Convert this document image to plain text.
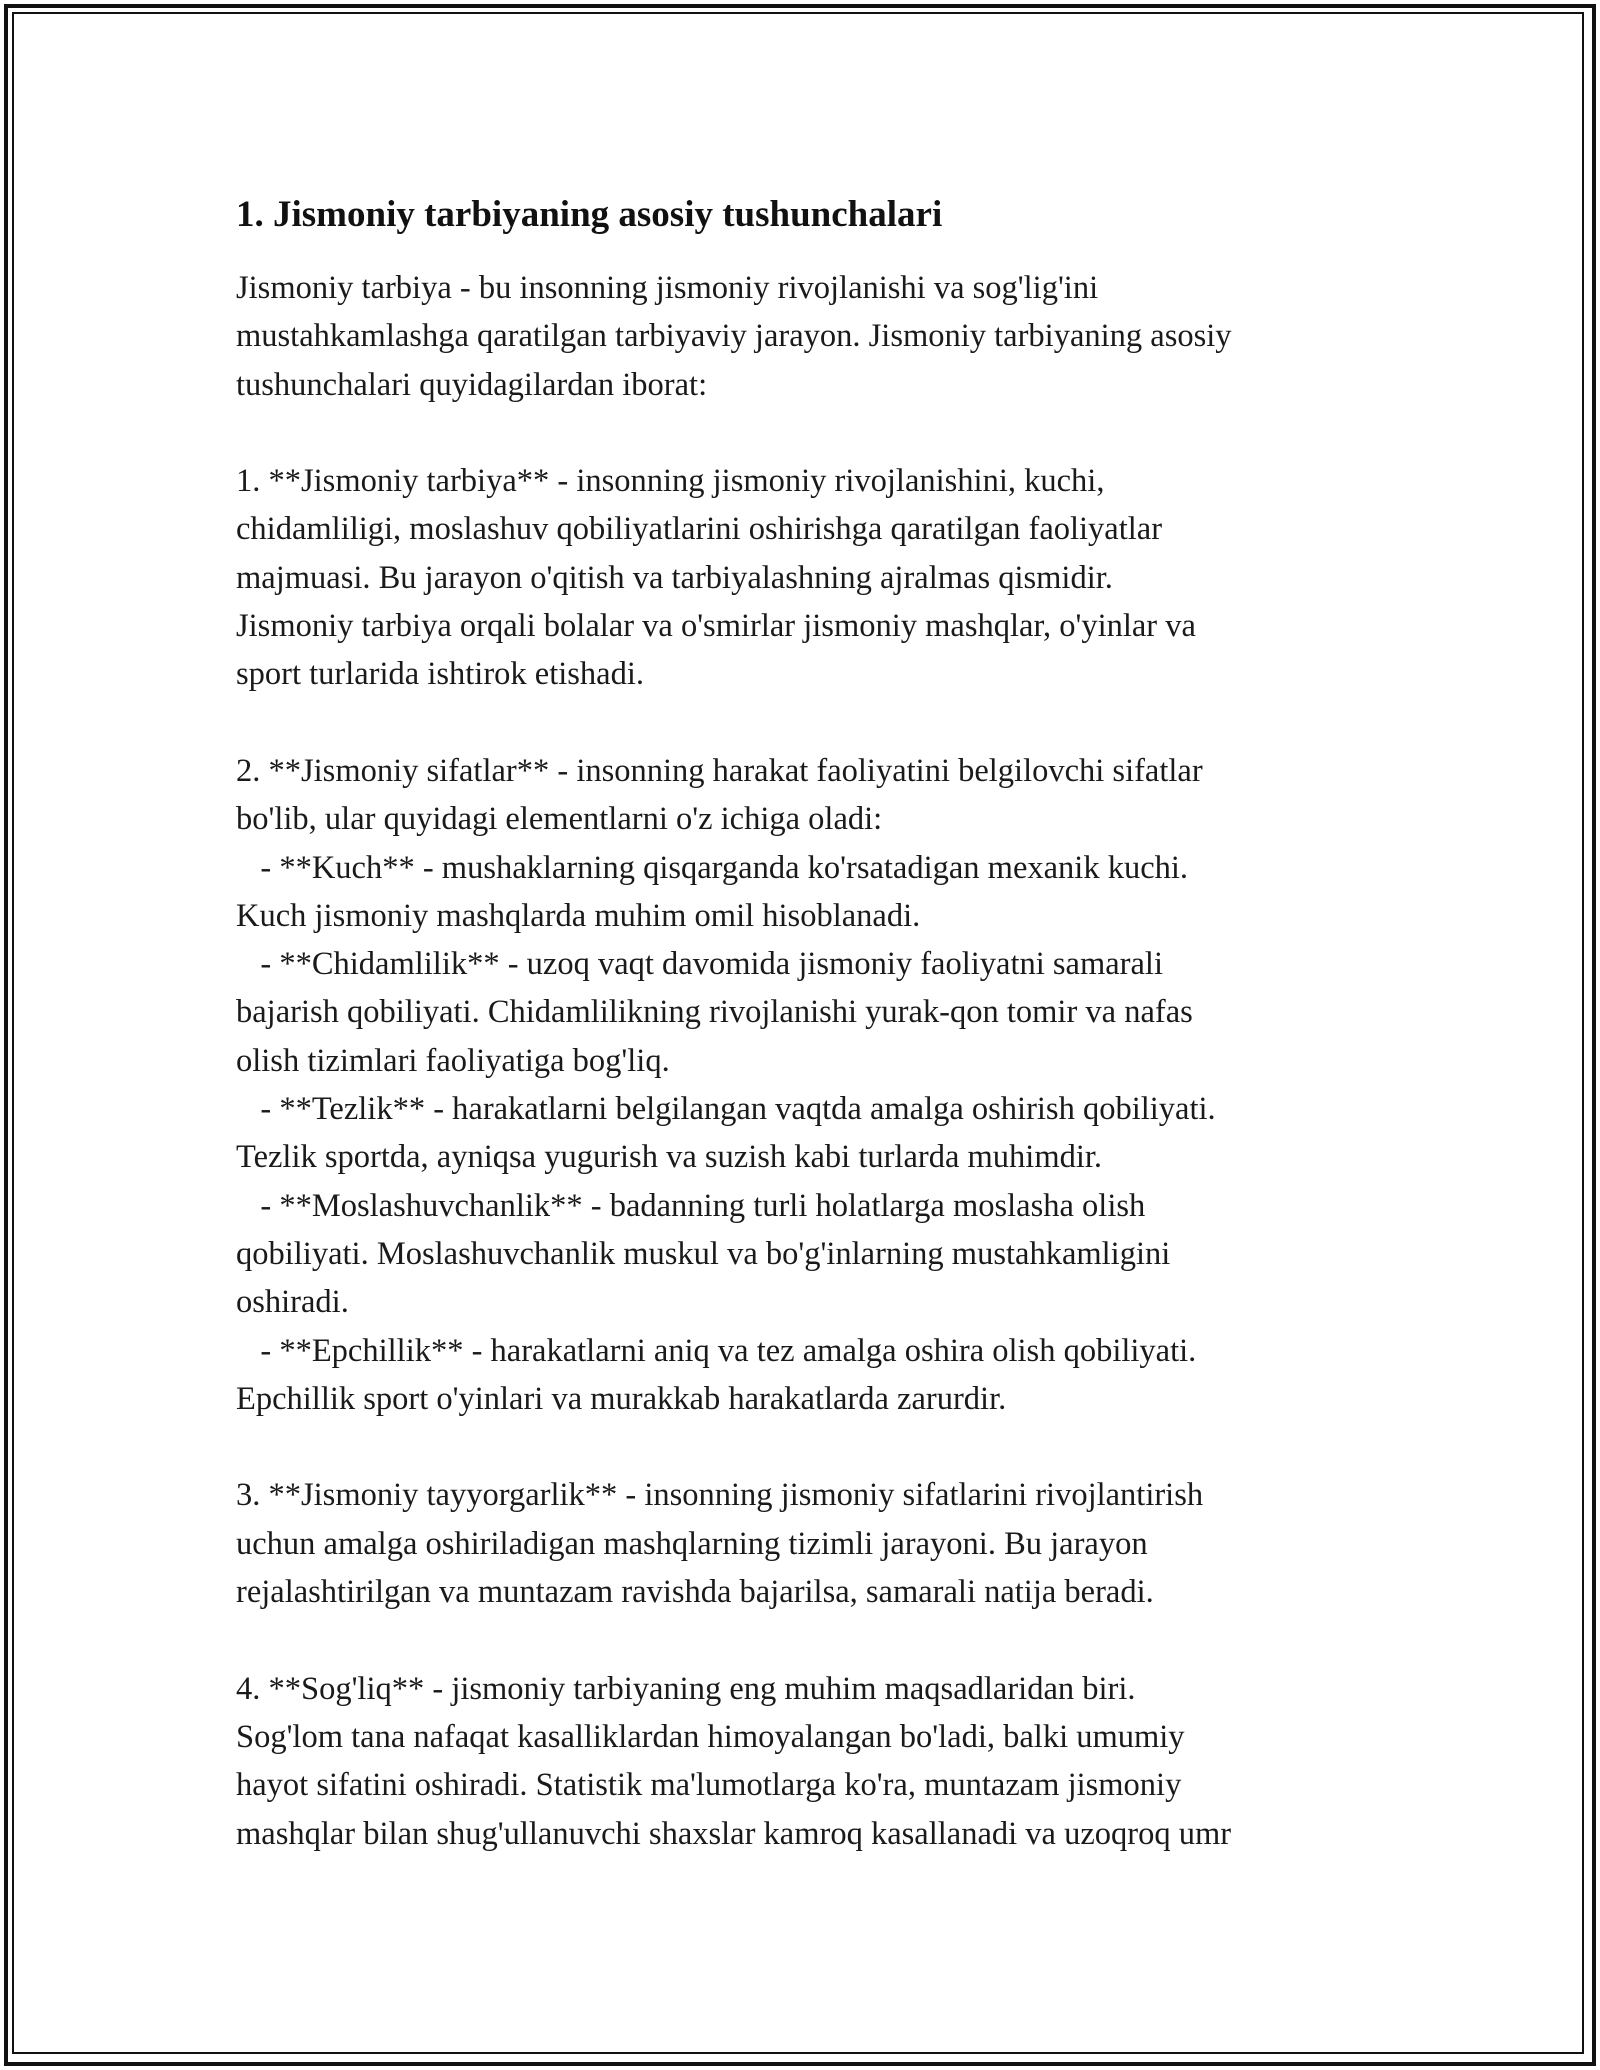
1. Jismoniy tarbiyaning asosiy tushunchalari

Jismoniy tarbiya - bu insonning jismoniy rivojlanishi va sog'lig'ini
mustahkamlashga qaratilgan tarbiyaviy jarayon. Jismoniy tarbiyaning asosiy
tushunchalari quyidagilardan iborat:

1. **Jismoniy tarbiya** - insonning jismoniy rivojlanishini, kuchi,
chidamliligi, moslashuv qobiliyatlarini oshirishga qaratilgan faoliyatlar
majmuasi. Bu jarayon o'qitish va tarbiyalashning ajralmas qismidir.
Jismoniy tarbiya orqali bolalar va o'smirlar jismoniy mashqlar, o'yinlar va
sport turlarida ishtirok etishadi.

2. **Jismoniy sifatlar** - insonning harakat faoliyatini belgilovchi sifatlar
bo'lib, ular quyidagi elementlarni o'z ichiga oladi:
- **Kuch** - mushaklarning qisqarganda ko'rsatadigan mexanik kuchi.
Kuch jismoniy mashqlarda muhim omil hisoblanadi.
- **Chidamlilik** - uzoq vaqt davomida jismoniy faoliyatni samarali
bajarish qobiliyati. Chidamlilikning rivojlanishi yurak-qon tomir va nafas
olish tizimlari faoliyatiga bog'liq.
- **Tezlik** - harakatlarni belgilangan vaqtda amalga oshirish qobiliyati.
Tezlik sportda, ayniqsa yugurish va suzish kabi turlarda muhimdir.
- **Moslashuvchanlik** - badanning turli holatlarga moslasha olish
qobiliyati. Moslashuvchanlik muskul va bo'g'inlarning mustahkamligini
oshiradi.
- **Epchillik** - harakatlarni aniq va tez amalga oshira olish qobiliyati.
Epchillik sport o'yinlari va murakkab harakatlarda zarurdir.

3. **Jismoniy tayyorgarlik** - insonning jismoniy sifatlarini rivojlantirish
uchun amalga oshiriladigan mashqlarning tizimli jarayoni. Bu jarayon
rejalashtirilgan va muntazam ravishda bajarilsa, samarali natija beradi.

4. **Sog'liq** - jismoniy tarbiyaning eng muhim maqsadlaridan biri.
Sog'lom tana nafaqat kasalliklardan himoyalangan bo'ladi, balki umumiy
hayot sifatini oshiradi. Statistik ma'lumotlarga ko'ra, muntazam jismoniy
mashqlar bilan shug'ullanuvchi shaxslar kamroq kasallanadi va uzoqroq umr
